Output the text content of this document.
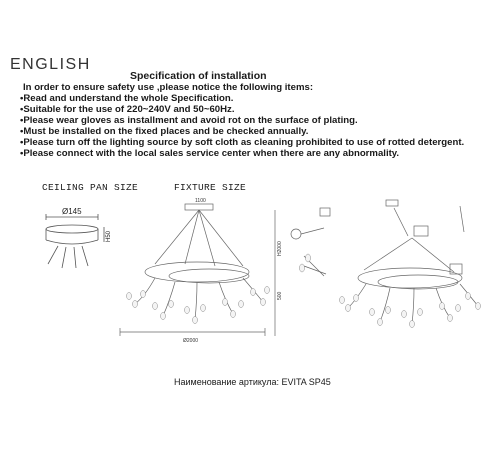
ENGLISH
Specification of installation
In order to ensure safety use ,please notice the following items:
•Read and understand the whole Specification.
•Suitable for the use of 220~240V and 50~60Hz.
•Please wear gloves as installment and avoid rot on the surface of plating.
•Must be installed on the fixed places and be checked annually.
•Please turn off the lighting source by soft cloth as cleaning prohibited to use of rotted detergent.
•Please connect with the local sales service center when there are any abnormality.
CEILING PAN SIZE	FIXTURE SIZE
Ø145
H50
1100
Ø2000
H2000
500
Наименование артикула: EVITA SP45
